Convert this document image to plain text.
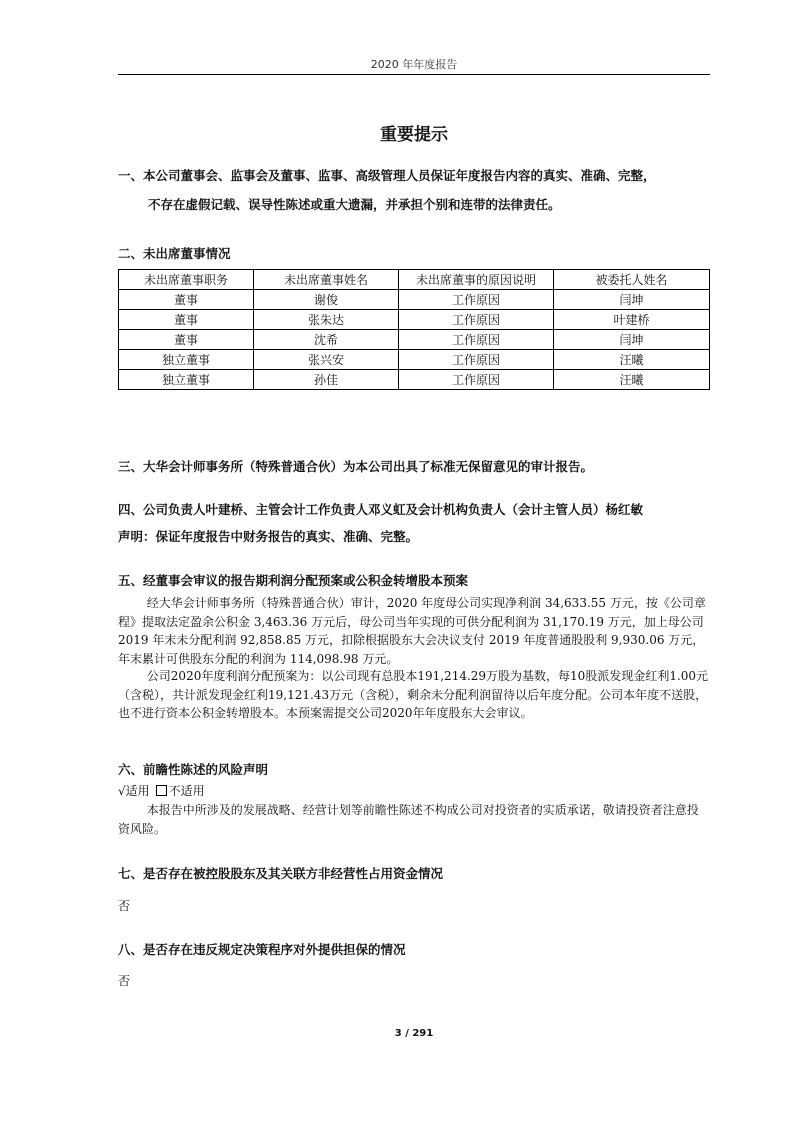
2020 年年度报告
重要提示
一、本公司董事会、监事会及董事、监事、高级管理人员保证年度报告内容的真实、准确、完整，
不存在虚假记载、误导性陈述或重大遗漏，并承担个别和连带的法律责任。
二、未出席董事情况
未出席董事职务	未出席董事姓名	未出席董事的原因说明	被委托人姓名
董事	谢俊	工作原因	闫坤
董事	张朱达	工作原因	叶建桥
董事	沈希	工作原因	闫坤
独立董事	张兴安	工作原因	汪曦
独立董事	孙佳	工作原因	汪曦
三、大华会计师事务所（特殊普通合伙）为本公司出具了标准无保留意见的审计报告。
四、公司负责人叶建桥、主管会计工作负责人邓义虹及会计机构负责人（会计主管人员）杨红敏
声明：保证年度报告中财务报告的真实、准确、完整。
五、经董事会审议的报告期利润分配预案或公积金转增股本预案
经大华会计师事务所（特殊普通合伙）审计，2020 年度母公司实现净利润 34,633.55 万元，按《公司章程》提取法定盈余公积金 3,463.36 万元后，母公司当年实现的可供分配利润为 31,170.19 万元，加上母公司 2019 年末未分配利润 92,858.85 万元，扣除根据股东大会决议支付 2019 年度普通股股利 9,930.06 万元，年末累计可供股东分配的利润为 114,098.98 万元。
公司2020年度利润分配预案为：以公司现有总股本191,214.29万股为基数，每10股派发现金红利1.00元（含税），共计派发现金红利19,121.43万元（含税），剩余未分配利润留待以后年度分配。公司本年度不送股，也不进行资本公积金转增股本。本预案需提交公司2020年年度股东大会审议。
六、前瞻性陈述的风险声明
√适用 不适用
本报告中所涉及的发展战略、经营计划等前瞻性陈述不构成公司对投资者的实质承诺，敬请投资者注意投资风险。
七、是否存在被控股股东及其关联方非经营性占用资金情况
否
八、是否存在违反规定决策程序对外提供担保的情况
否
3 / 291
